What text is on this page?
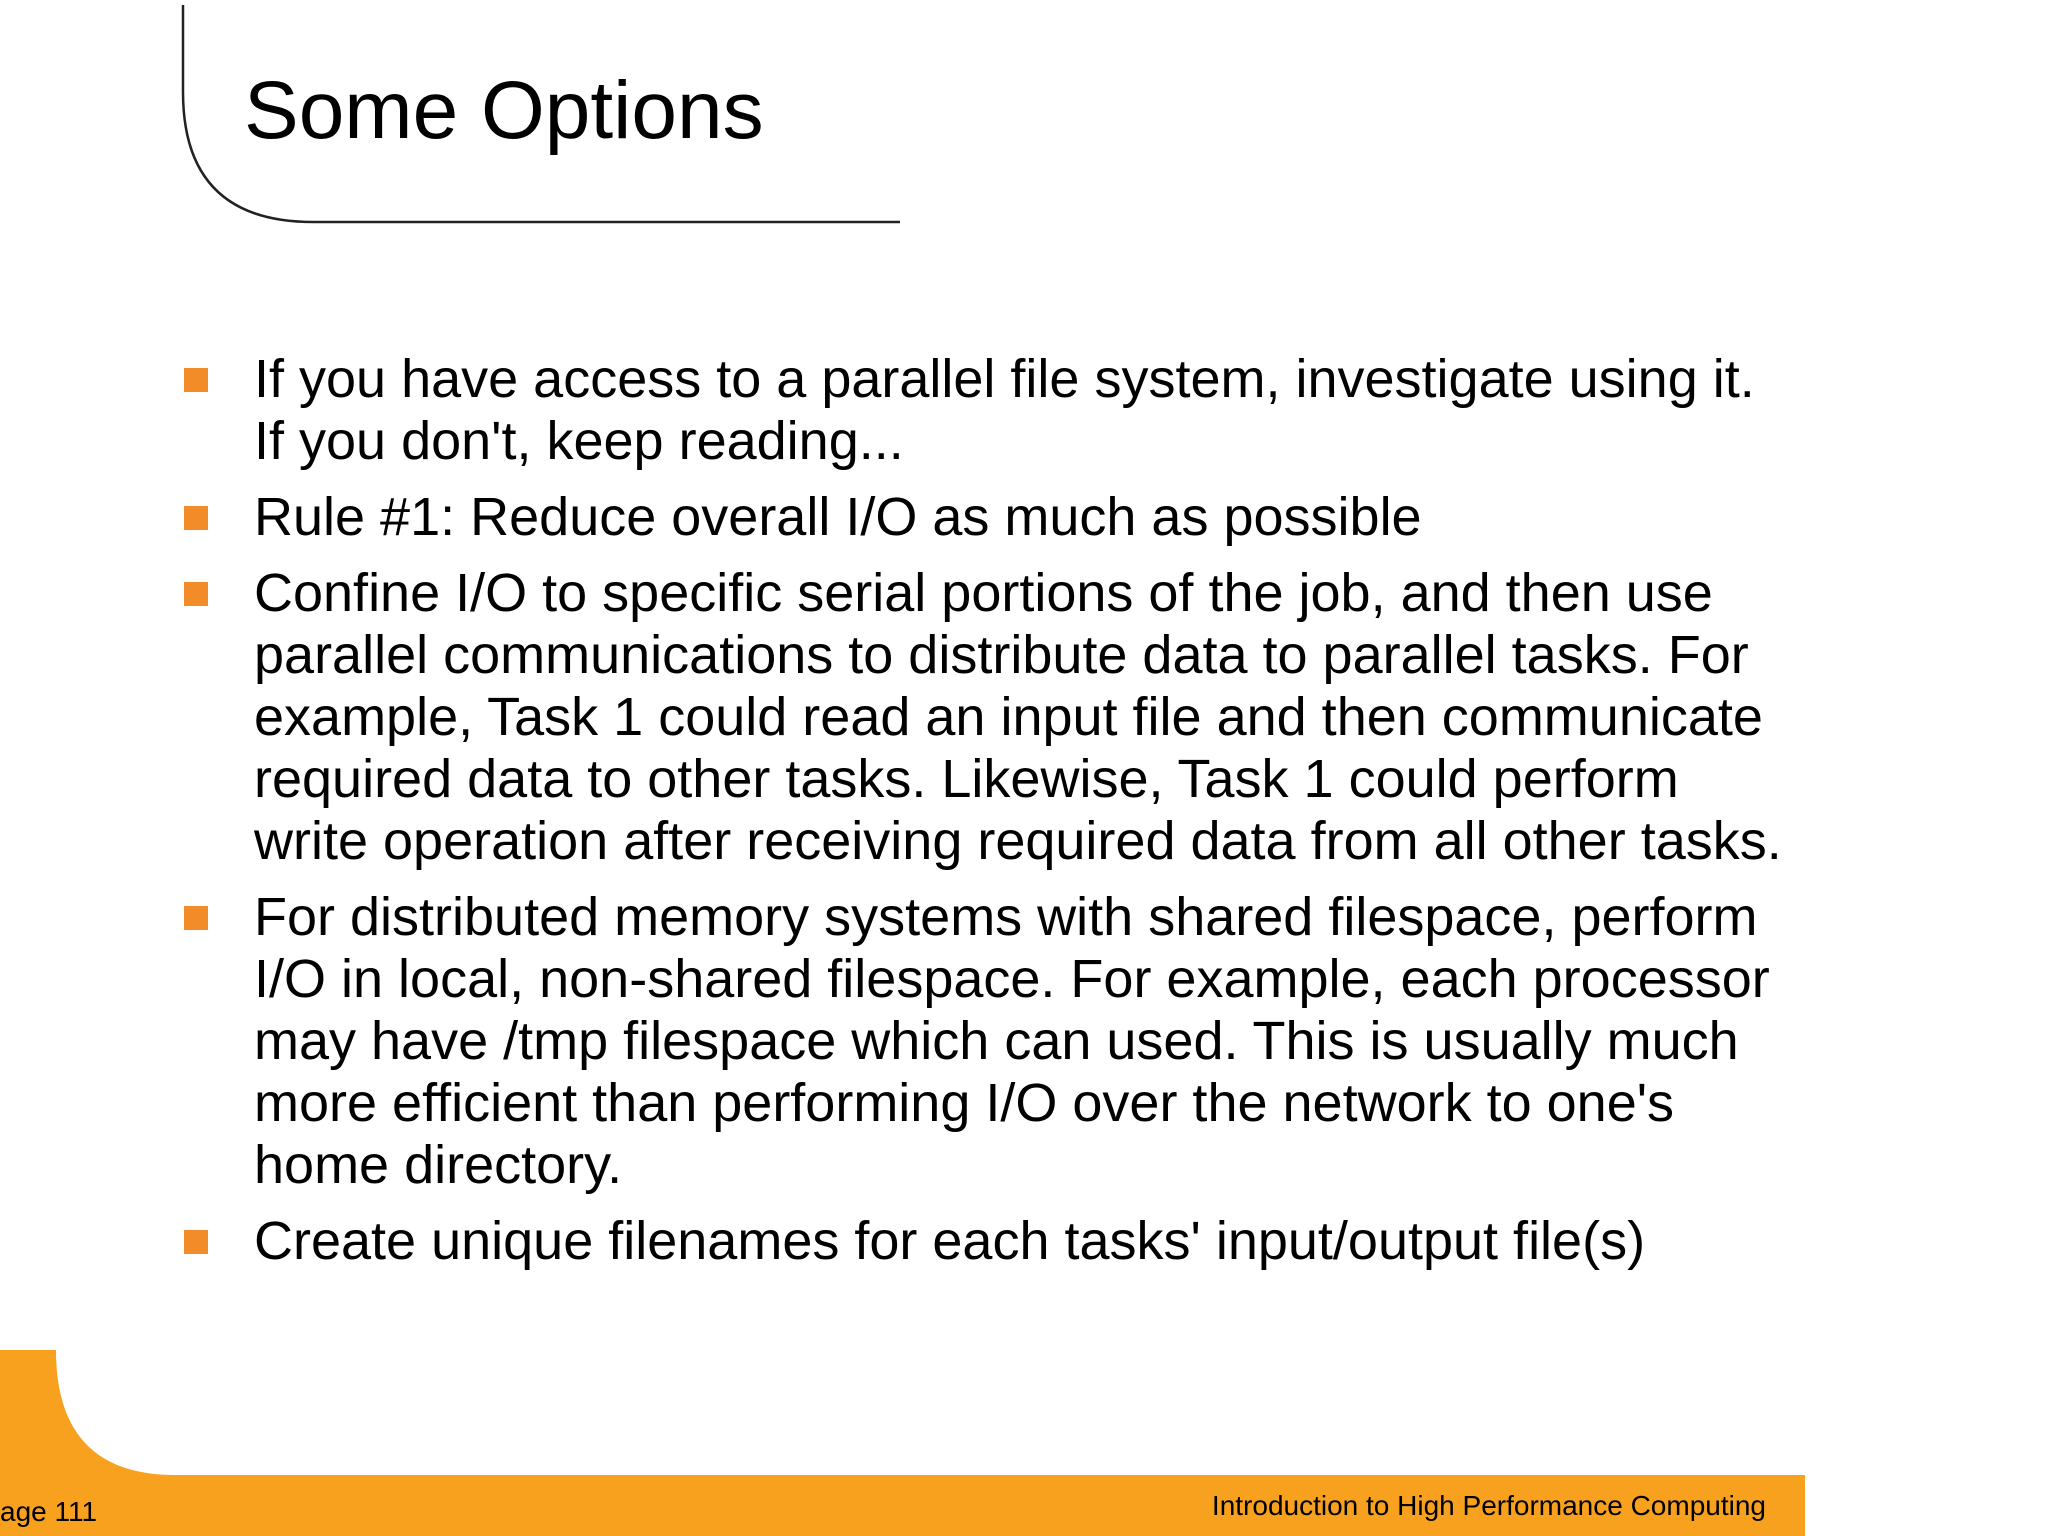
Some Options
If you have access to a parallel file system, investigate using it.
If you don't, keep reading...
Rule #1: Reduce overall I/O as much as possible
Confine I/O to specific serial portions of the job, and then use
parallel communications to distribute data to parallel tasks. For
example, Task 1 could read an input file and then communicate
required data to other tasks. Likewise, Task 1 could perform
write operation after receiving required data from all other tasks.
For distributed memory systems with shared filespace, perform
I/O in local, non-shared filespace. For example, each processor
may have /tmp filespace which can used. This is usually much
more efficient than performing I/O over the network to one's
home directory.
Create unique filenames for each tasks' input/output file(s)
age 111	Introduction to High Performance Computing
